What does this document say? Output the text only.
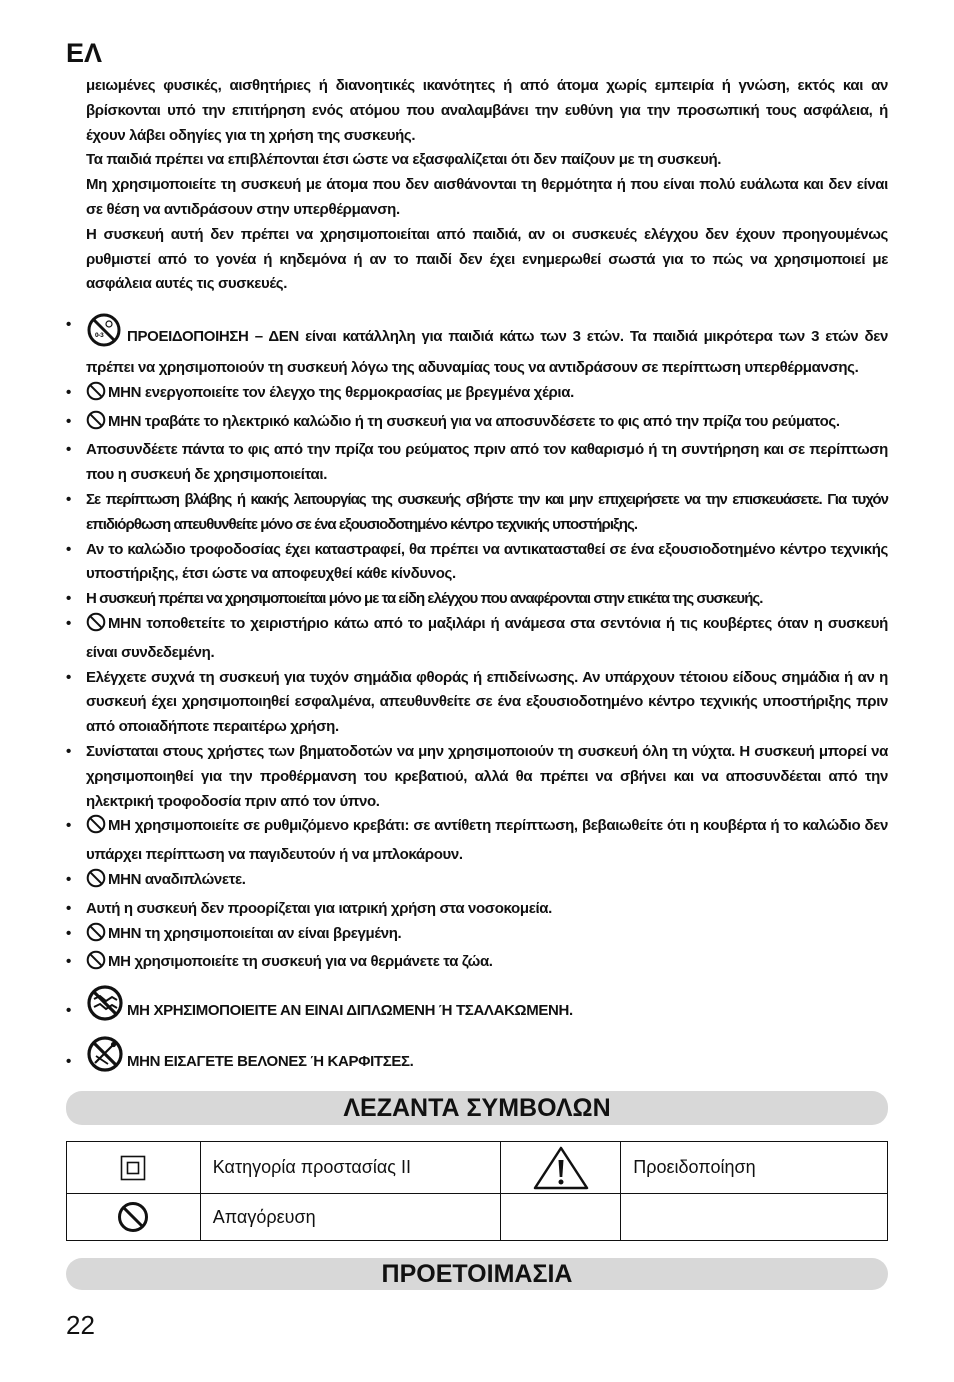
ΕΛ

μειωμένες φυσικές, αισθητήριες ή διανοητικές ικανότητες ή από άτομα χωρίς εμπειρία ή γνώση, εκτός και αν βρίσκονται υπό την επιτήρηση ενός ατόμου που αναλαμβάνει την ευθύνη για την προσωπική τους ασφάλεια, ή έχουν λάβει οδηγίες για τη χρήση της συσκευής.

Τα παιδιά πρέπει να επιβλέπονται έτσι ώστε να εξασφαλίζεται ότι δεν παίζουν με τη συσκευή.

Μη χρησιμοποιείτε τη συσκευή με άτομα που δεν αισθάνονται τη θερμότητα ή που είναι πολύ ευάλωτα και δεν είναι σε θέση να αντιδράσουν στην υπερθέρμανση.

Η συσκευή αυτή δεν πρέπει να χρησιμοποιείται από παιδιά, αν οι συσκευές ελέγχου δεν έχουν προηγουμένως ρυθμιστεί από το γονέα ή κηδεμόνα ή αν το παιδί δεν έχει ενημερωθεί σωστά για το πώς να χρησιμοποιεί με ασφάλεια αυτές τις συσκευές.

•
0-3 ΠΡΟΕΙΔΟΠΟΙΗΣΗ – ΔΕΝ είναι κατάλληλη για παιδιά κάτω των 3 ετών. Τα παιδιά μικρότερα των 3 ετών δεν πρέπει να χρησιμοποιούν τη συσκευή λόγω της αδυναμίας τους να αντιδράσουν σε περίπτωση υπερθέρμανσης.
• ΜΗΝ ενεργοποιείτε τον έλεγχο της θερμοκρασίας με βρεγμένα χέρια.
• ΜΗΝ τραβάτε το ηλεκτρικό καλώδιο ή τη συσκευή για να αποσυνδέσετε το φις από την πρίζα του ρεύματος.
• Αποσυνδέετε πάντα το φις από την πρίζα του ρεύματος πριν από τον καθαρισμό ή τη συντήρηση και σε περίπτωση που η συσκευή δε χρησιμοποιείται.
• Σε περίπτωση βλάβης ή κακής λειτουργίας της συσκευής σβήστε την και μην επιχειρήσετε να την επισκευάσετε. Για τυχόν επιδιόρθωση απευθυνθείτε μόνο σε ένα εξουσιοδοτημένο κέντρο τεχνικής υποστήριξης.
• Αν το καλώδιο τροφοδοσίας έχει καταστραφεί, θα πρέπει να αντικατασταθεί σε ένα εξουσιοδοτημένο κέντρο τεχνικής υποστήριξης, έτσι ώστε να αποφευχθεί κάθε κίνδυνος.
• Η συσκευή πρέπει να χρησιμοποιείται μόνο με τα είδη ελέγχου που αναφέρονται στην ετικέτα της συσκευής.
• ΜΗΝ τοποθετείτε το χειριστήριο κάτω από το μαξιλάρι ή ανάμεσα στα σεντόνια ή τις κουβέρτες όταν η συσκευή είναι συνδεδεμένη.
• Ελέγχετε συχνά τη συσκευή για τυχόν σημάδια φθοράς ή επιδείνωσης. Αν υπάρχουν τέτοιου είδους σημάδια ή αν η συσκευή έχει χρησιμοποιηθεί εσφαλμένα, απευθυνθείτε σε ένα εξουσιοδοτημένο κέντρο τεχνικής υποστήριξης πριν από οποιαδήποτε περαιτέρω χρήση.
• Συνίσταται στους χρήστες των βηματοδοτών να μην χρησιμοποιούν τη συσκευή όλη τη νύχτα. Η συσκευή μπορεί να χρησιμοποιηθεί για την προθέρμανση του κρεβατιού, αλλά θα πρέπει να σβήνει και να αποσυνδέεται από την ηλεκτρική τροφοδοσία πριν από τον ύπνο.
• ΜΗ χρησιμοποιείτε σε ρυθμιζόμενο κρεβάτι: σε αντίθετη περίπτωση, βεβαιωθείτε ότι η κουβέρτα ή το καλώδιο δεν υπάρχει περίπτωση να παγιδευτούν ή να μπλοκάρουν.
• ΜΗΝ αναδιπλώνετε.
• Αυτή η συσκευή δεν προορίζεται για ιατρική χρήση στα νοσοκομεία.
• ΜΗΝ τη χρησιμοποιείται αν είναι βρεγμένη.
• ΜΗ χρησιμοποιείτε τη συσκευή για να θερμάνετε τα ζώα.
•	ΜΗ ΧΡΗΣΙΜΟΠΟΙΕΙΤΕ ΑΝ ΕΙΝΑΙ ΔΙΠΛΩΜΕΝΗ Ή ΤΣΑΛΑΚΩΜΕΝΗ.
•	ΜΗΝ ΕΙΣΑΓΕΤΕ ΒΕΛΟΝΕΣ Ή ΚΑΡΦΙΤΣΕΣ.
ΛΕΖΑΝΤΑ ΣΥΜΒΟΛΩΝ
	Κατηγορία προστασίας II		Προειδοποίηση
	Απαγόρευση		
ΠΡΟΕΤΟΙΜΑΣΙΑ
22
